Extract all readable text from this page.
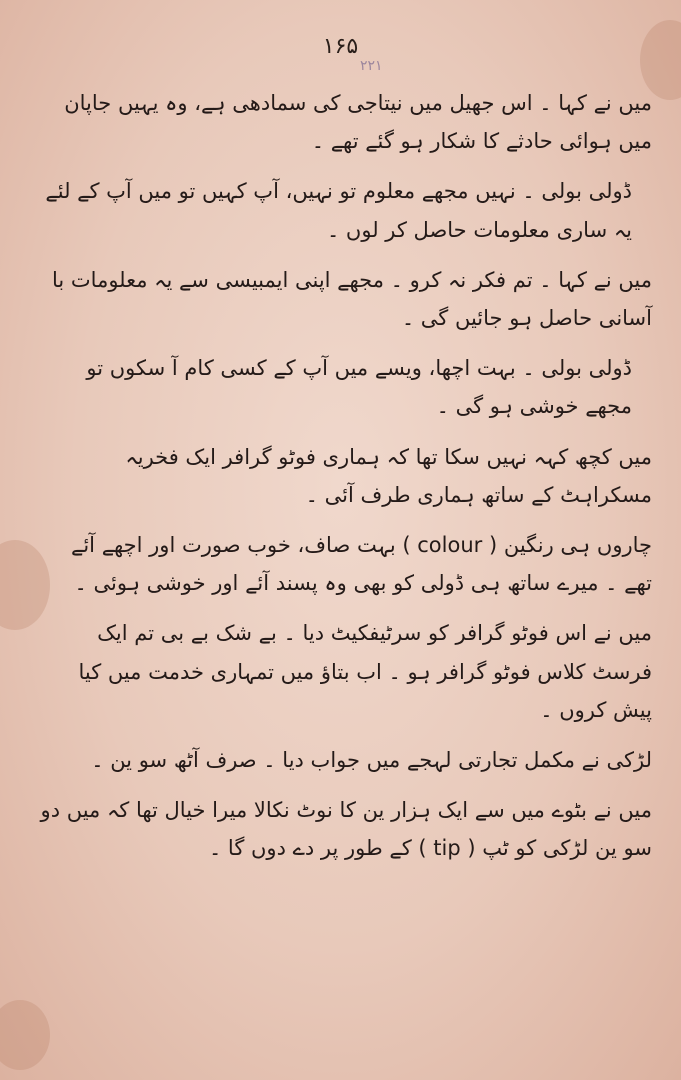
۱۶۵
۲۲۱

میں نے کہا ۔ اس جھیل میں نیتاجی کی سمادھی ہے، وہ یہیں جاپان میں ہوائی حادثے کا شکار ہو گئے تھے ۔

ڈولی بولی ۔ نہیں مجھے معلوم تو نہیں، آپ کہیں تو میں آپ کے لئے یہ ساری معلومات حاصل کر لوں ۔

میں نے کہا ۔ تم فکر نہ کرو ۔ مجھے اپنی ایمبیسی سے یہ معلومات با آسانی حاصل ہو جائیں گی ۔

ڈولی بولی ۔ بہت اچھا، ویسے میں آپ کے کسی کام آ سکوں تو مجھے خوشی ہو گی ۔

میں کچھ کہہ نہیں سکا تھا کہ ہماری فوٹو گرافر ایک فخریہ مسکراہٹ کے ساتھ ہماری طرف آئی ۔

چاروں ہی رنگین ( colour ) بہت صاف، خوب صورت اور اچھے آئے تھے ۔ میرے ساتھ ہی ڈولی کو بھی وہ پسند آئے اور خوشی ہوئی ۔

میں نے اس فوٹو گرافر کو سرٹیفکیٹ دیا ۔ بے شک بے بی تم ایک فرسٹ کلاس فوٹو گرافر ہو ۔ اب بتاؤ میں تمہاری خدمت میں کیا پیش کروں ۔

لڑکی نے مکمل تجارتی لہجے میں جواب دیا ۔ صرف آٹھ سو ین ۔

میں نے بٹوے میں سے ایک ہزار ین کا نوٹ نکالا میرا خیال تھا کہ میں دو سو ین لڑکی کو ٹپ ( tip ) کے طور پر دے دوں گا ۔
